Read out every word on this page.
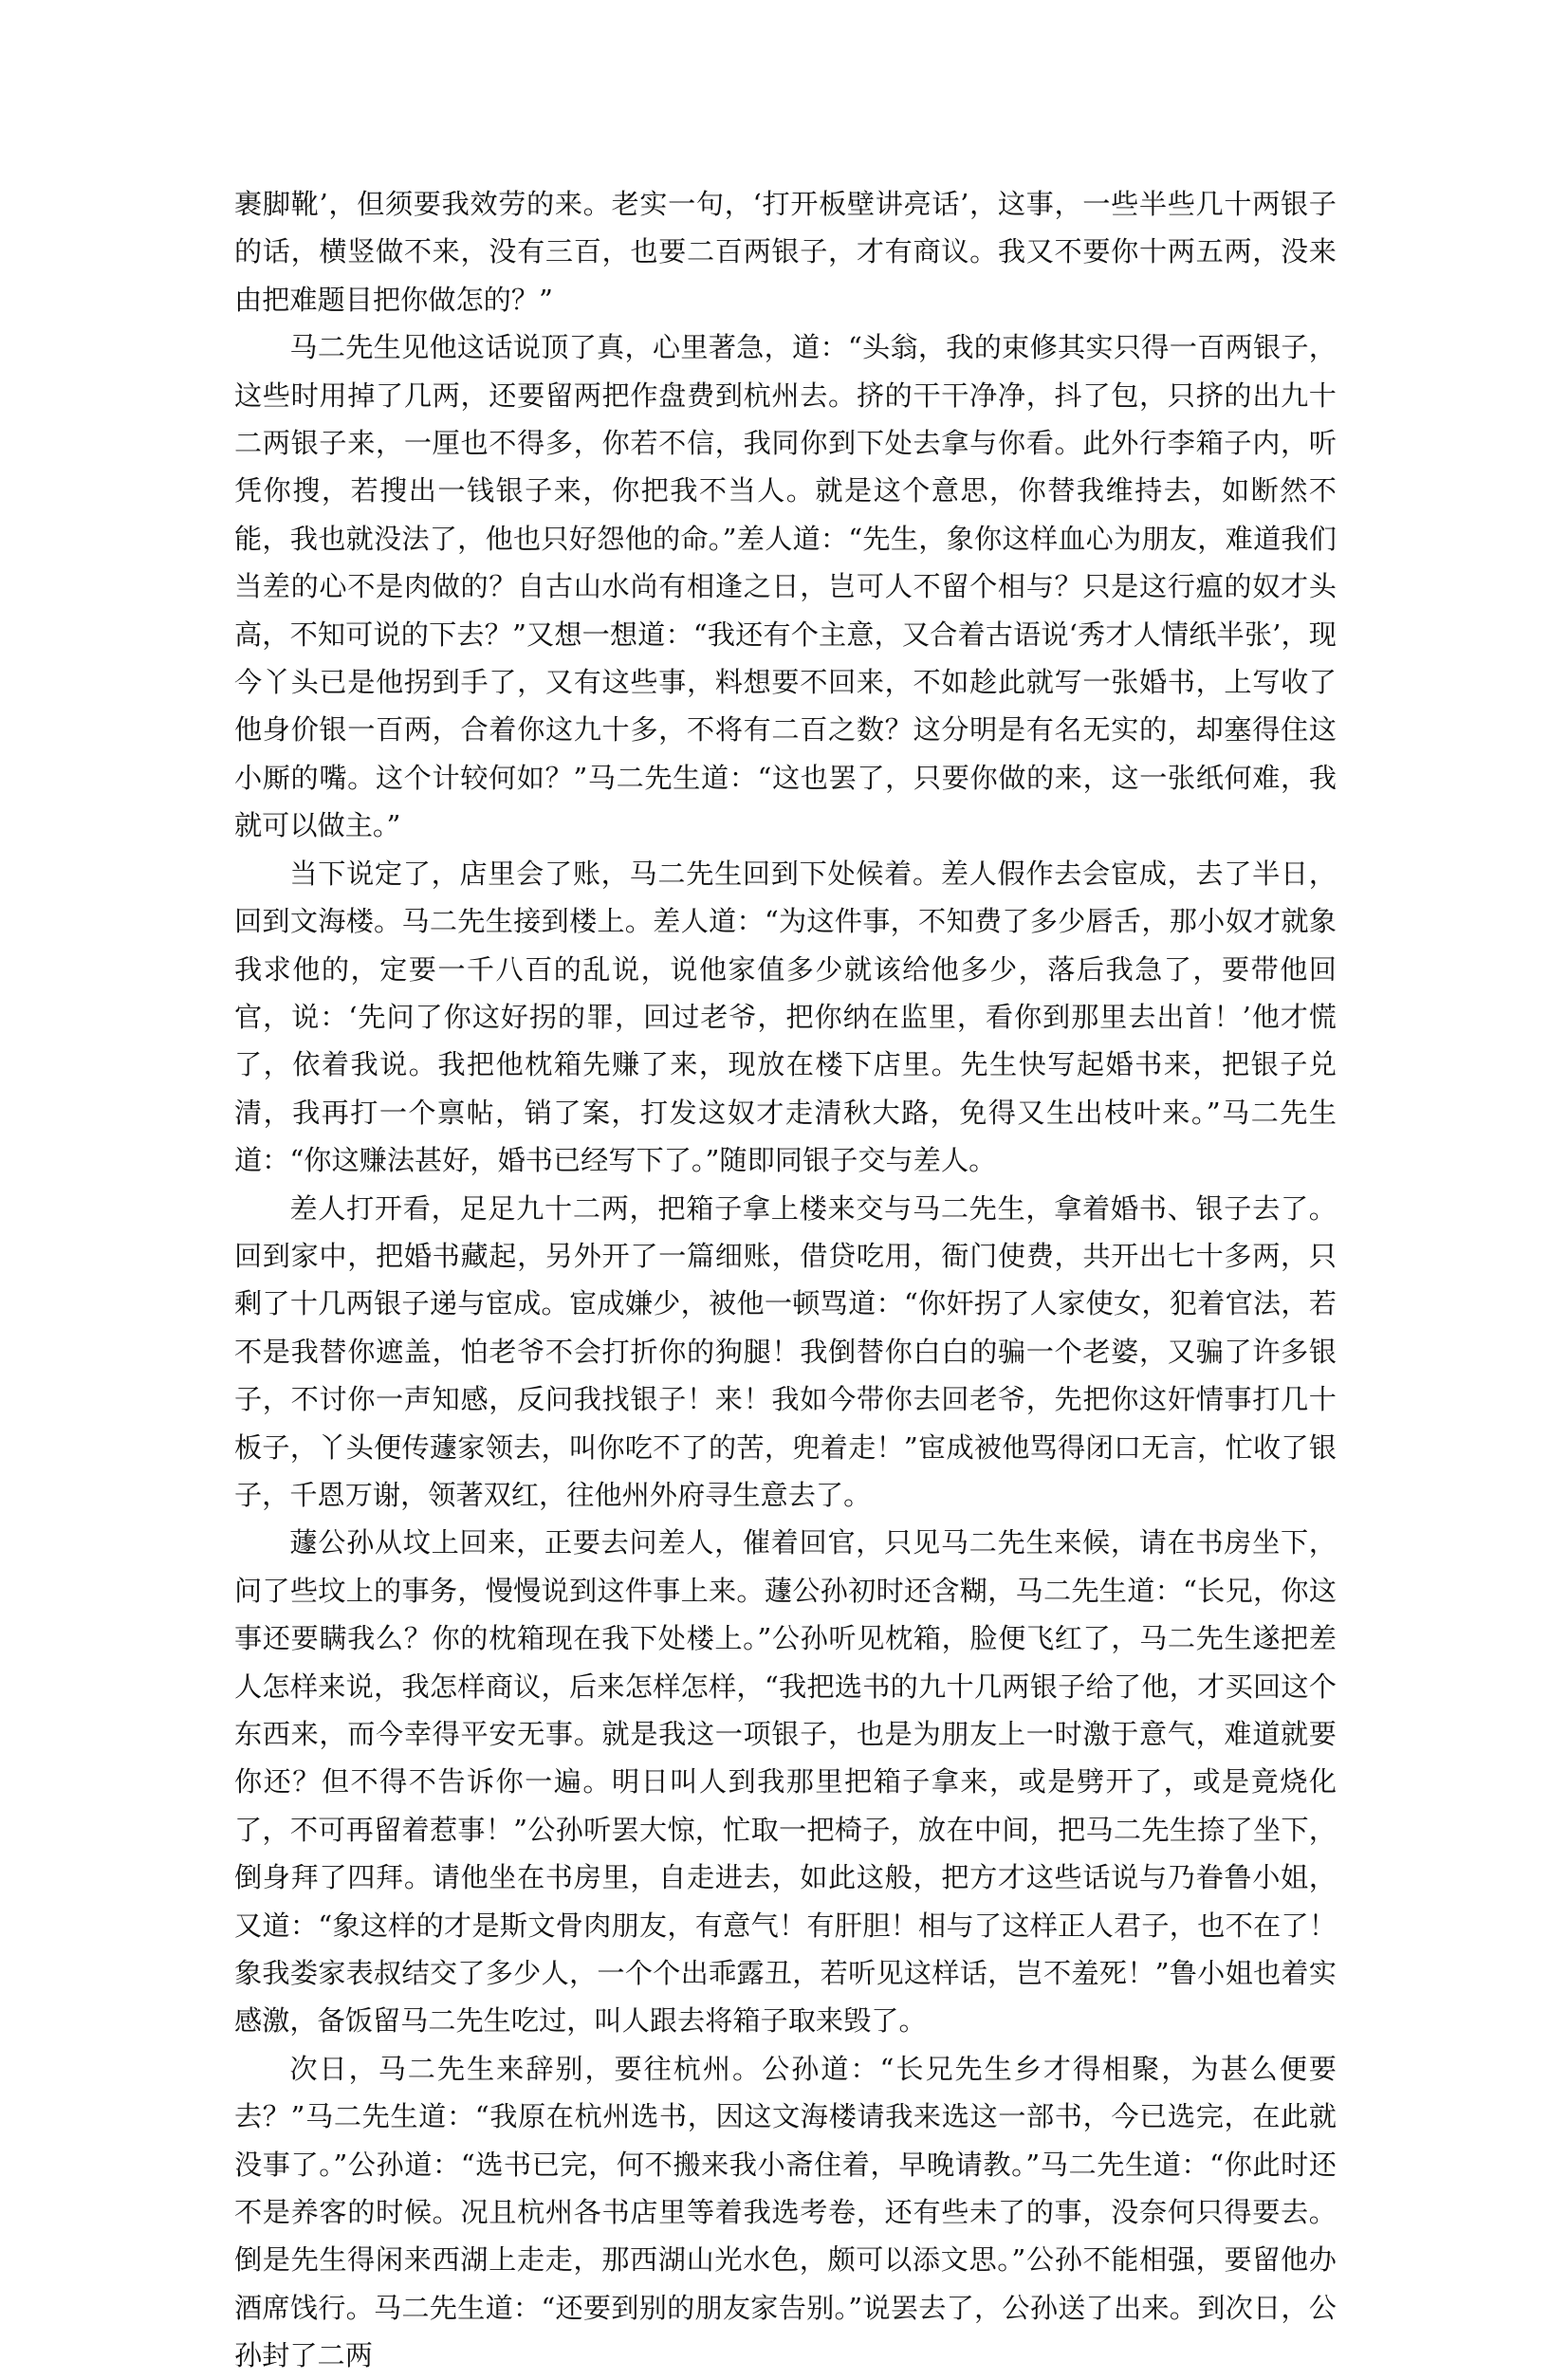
裹脚靴’，但须要我效劳的来。老实一句，‘打开板壁讲亮话’，这事，一些半些几十两银子的话，横竖做不来，没有三百，也要二百两银子，才有商议。我又不要你十两五两，没来由把难题目把你做怎的？”

马二先生见他这话说顶了真，心里著急，道：“头翁，我的束修其实只得一百两银子，这些时用掉了几两，还要留两把作盘费到杭州去。挤的干干净净，抖了包，只挤的出九十二两银子来，一厘也不得多，你若不信，我同你到下处去拿与你看。此外行李箱子内，听凭你搜，若搜出一钱银子来，你把我不当人。就是这个意思，你替我维持去，如断然不能，我也就没法了，他也只好怨他的命。”差人道：“先生，象你这样血心为朋友，难道我们当差的心不是肉做的？自古山水尚有相逢之日，岂可人不留个相与？只是这行瘟的奴才头高，不知可说的下去？”又想一想道：“我还有个主意，又合着古语说‘秀才人情纸半张’，现今丫头已是他拐到手了，又有这些事，料想要不回来，不如趁此就写一张婚书，上写收了他身价银一百两，合着你这九十多，不将有二百之数？这分明是有名无实的，却塞得住这小厮的嘴。这个计较何如？”马二先生道：“这也罢了，只要你做的来，这一张纸何难，我就可以做主。”

当下说定了，店里会了账，马二先生回到下处候着。差人假作去会宦成，去了半日，回到文海楼。马二先生接到楼上。差人道：“为这件事，不知费了多少唇舌，那小奴才就象我求他的，定要一千八百的乱说，说他家值多少就该给他多少，落后我急了，要带他回官，说：‘先问了你这好拐的罪，回过老爷，把你纳在监里，看你到那里去出首！’他才慌了，依着我说。我把他枕箱先赚了来，现放在楼下店里。先生快写起婚书来，把银子兑清，我再打一个禀帖，销了案，打发这奴才走清秋大路，免得又生出枝叶来。”马二先生道：“你这赚法甚好，婚书已经写下了。”随即同银子交与差人。

差人打开看，足足九十二两，把箱子拿上楼来交与马二先生，拿着婚书、银子去了。回到家中，把婚书藏起，另外开了一篇细账，借贷吃用，衙门使费，共开出七十多两，只剩了十几两银子递与宦成。宦成嫌少，被他一顿骂道：“你奸拐了人家使女，犯着官法，若不是我替你遮盖，怕老爷不会打折你的狗腿！我倒替你白白的骗一个老婆，又骗了许多银子，不讨你一声知感，反问我找银子！来！我如今带你去回老爷，先把你这奸情事打几十板子，丫头便传蘧家领去，叫你吃不了的苦，兜着走！”宦成被他骂得闭口无言，忙收了银子，千恩万谢，领著双红，往他州外府寻生意去了。

蘧公孙从坟上回来，正要去问差人，催着回官，只见马二先生来候，请在书房坐下，问了些坟上的事务，慢慢说到这件事上来。蘧公孙初时还含糊，马二先生道：“长兄，你这事还要瞒我么？你的枕箱现在我下处楼上。”公孙听见枕箱，脸便飞红了，马二先生遂把差人怎样来说，我怎样商议，后来怎样怎样，“我把选书的九十几两银子给了他，才买回这个东西来，而今幸得平安无事。就是我这一项银子，也是为朋友上一时激于意气，难道就要你还？但不得不告诉你一遍。明日叫人到我那里把箱子拿来，或是劈开了，或是竟烧化了，不可再留着惹事！”公孙听罢大惊，忙取一把椅子，放在中间，把马二先生捺了坐下，倒身拜了四拜。请他坐在书房里，自走进去，如此这般，把方才这些话说与乃眷鲁小姐，又道：“象这样的才是斯文骨肉朋友，有意气！有肝胆！相与了这样正人君子，也不在了！象我娄家表叔结交了多少人，一个个出乖露丑，若听见这样话，岂不羞死！”鲁小姐也着实感激，备饭留马二先生吃过，叫人跟去将箱子取来毁了。

次日，马二先生来辞别，要往杭州。公孙道：“长兄先生乡才得相聚，为甚么便要去？”马二先生道：“我原在杭州选书，因这文海楼请我来选这一部书，今已选完，在此就没事了。”公孙道：“选书已完，何不搬来我小斋住着，早晚请教。”马二先生道：“你此时还不是养客的时候。况且杭州各书店里等着我选考卷，还有些未了的事，没奈何只得要去。倒是先生得闲来西湖上走走，那西湖山光水色，颇可以添文思。”公孙不能相强，要留他办酒席饯行。马二先生道：“还要到别的朋友家告别。”说罢去了，公孙送了出来。到次日，公孙封了二两
